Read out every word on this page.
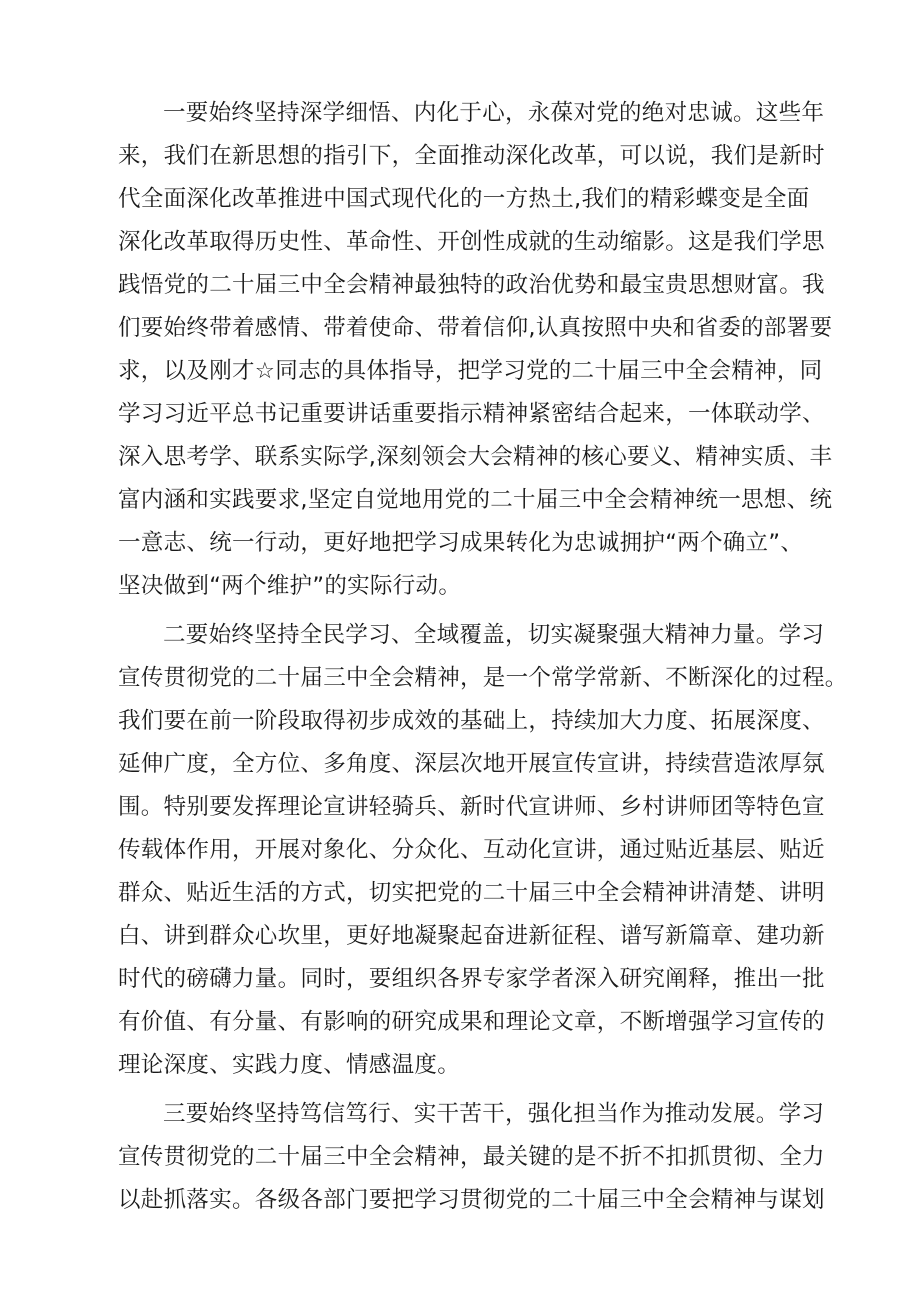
一要始终坚持深学细悟、内化于心，永葆对党的绝对忠诚。这些年
来，我们在新思想的指引下，全面推动深化改革，可以说，我们是新时
代全面深化改革推进中国式现代化的一方热土,我们的精彩蝶变是全面
深化改革取得历史性、革命性、开创性成就的生动缩影。这是我们学思
践悟党的二十届三中全会精神最独特的政治优势和最宝贵思想财富。我
们要始终带着感情、带着使命、带着信仰,认真按照中央和省委的部署要
求，以及刚才☆同志的具体指导，把学习党的二十届三中全会精神，同
学习习近平总书记重要讲话重要指示精神紧密结合起来，一体联动学、
深入思考学、联系实际学,深刻领会大会精神的核心要义、精神实质、丰
富内涵和实践要求,坚定自觉地用党的二十届三中全会精神统一思想、统
一意志、统一行动，更好地把学习成果转化为忠诚拥护“两个确立”、
坚决做到“两个维护”的实际行动。
二要始终坚持全民学习、全域覆盖，切实凝聚强大精神力量。学习
宣传贯彻党的二十届三中全会精神，是一个常学常新、不断深化的过程。
我们要在前一阶段取得初步成效的基础上，持续加大力度、拓展深度、
延伸广度，全方位、多角度、深层次地开展宣传宣讲，持续营造浓厚氛
围。特别要发挥理论宣讲轻骑兵、新时代宣讲师、乡村讲师团等特色宣
传载体作用，开展对象化、分众化、互动化宣讲，通过贴近基层、贴近
群众、贴近生活的方式，切实把党的二十届三中全会精神讲清楚、讲明
白、讲到群众心坎里，更好地凝聚起奋进新征程、谱写新篇章、建功新
时代的磅礴力量。同时，要组织各界专家学者深入研究阐释，推出一批
有价值、有分量、有影响的研究成果和理论文章，不断增强学习宣传的
理论深度、实践力度、情感温度。
三要始终坚持笃信笃行、实干苦干，强化担当作为推动发展。学习
宣传贯彻党的二十届三中全会精神，最关键的是不折不扣抓贯彻、全力
以赴抓落实。各级各部门要把学习贯彻党的二十届三中全会精神与谋划
